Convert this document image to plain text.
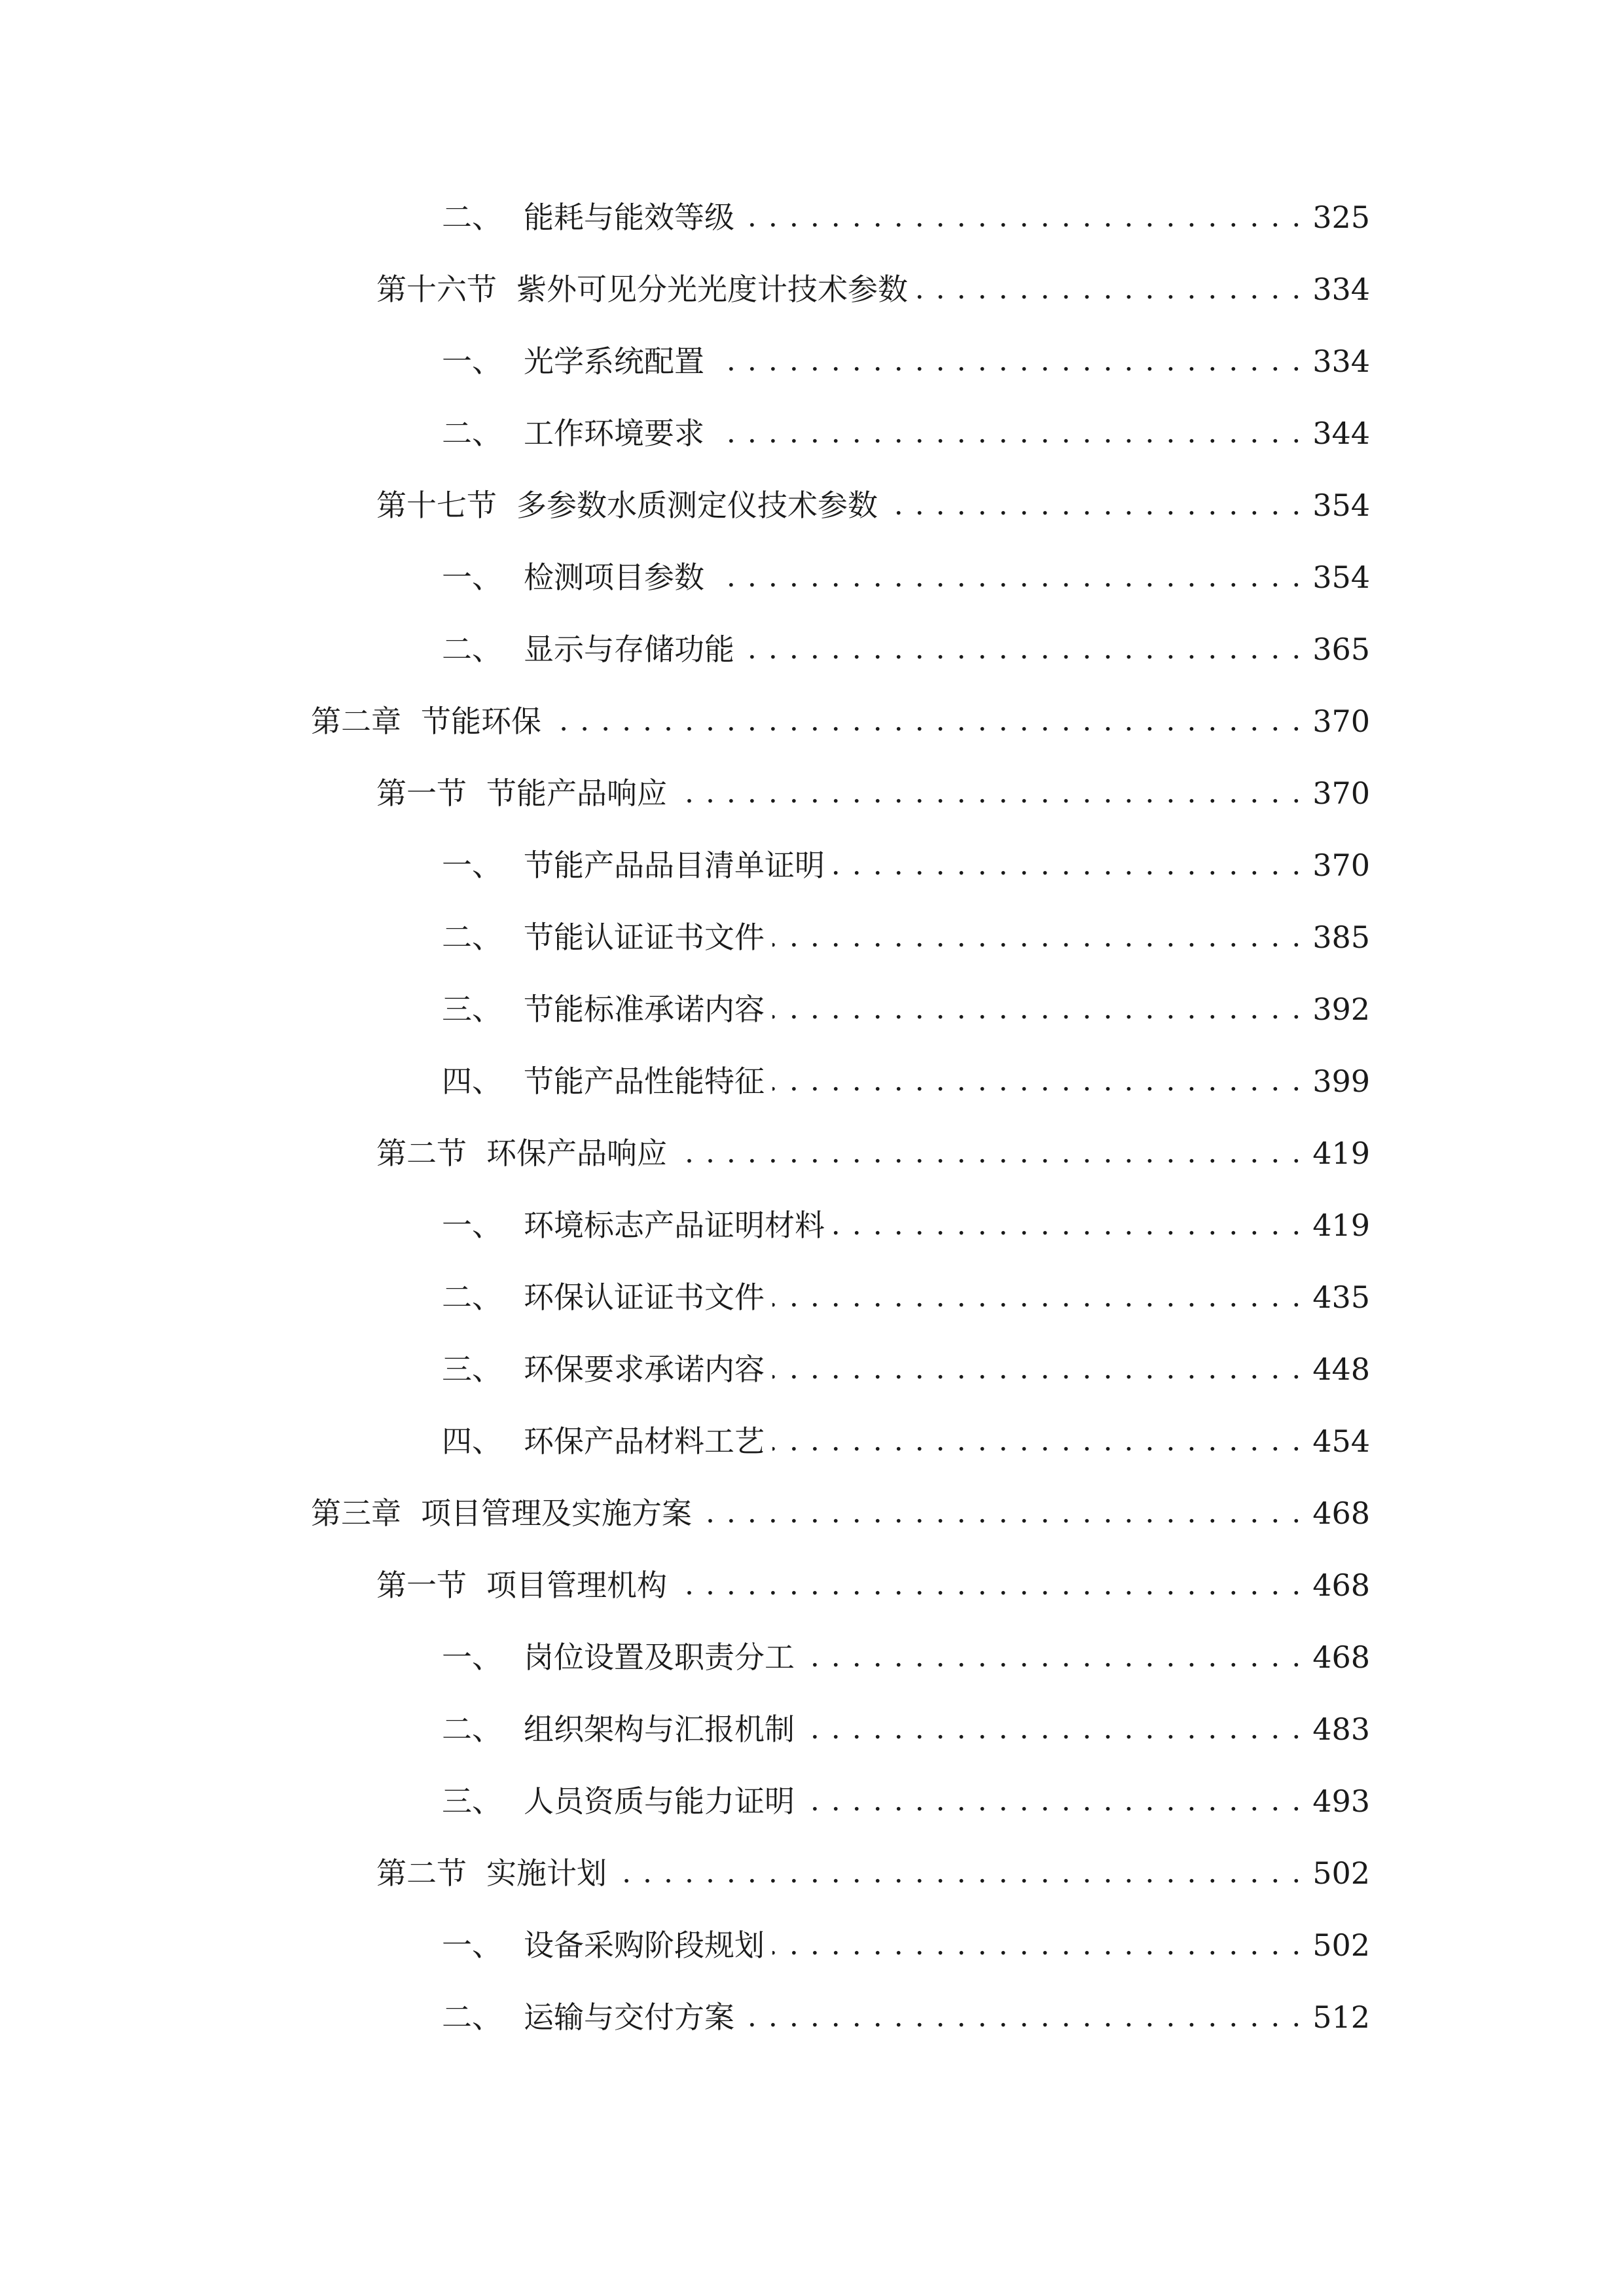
二、 能耗与能效等级 . . .	325
第十六节 紫外可见分光光度计技术参数 . . .	334
一、 光学系统配置 . . .	334
二、 工作环境要求 . . .	344
第十七节 多参数水质测定仪技术参数 . . .	354
一、 检测项目参数 . . .	354
二、 显示与存储功能 . . .	365
第二章 节能环保 . . .	370
第一节 节能产品响应 . . .	370
一、 节能产品品目清单证明 . . .	370
二、 节能认证证书文件 . . .	385
三、 节能标准承诺内容 . . .	392
四、 节能产品性能特征 . . .	399
第二节 环保产品响应 . . .	419
一、 环境标志产品证明材料 . . .	419
二、 环保认证证书文件 . . .	435
三、 环保要求承诺内容 . . .	448
四、 环保产品材料工艺 . . .	454
第三章 项目管理及实施方案 . . .	468
第一节 项目管理机构 . . .	468
一、 岗位设置及职责分工 . . .	468
二、 组织架构与汇报机制 . . .	483
三、 人员资质与能力证明 . . .	493
第二节 实施计划 . . .	502
一、 设备采购阶段规划 . . .	502
二、 运输与交付方案 . . .	512
